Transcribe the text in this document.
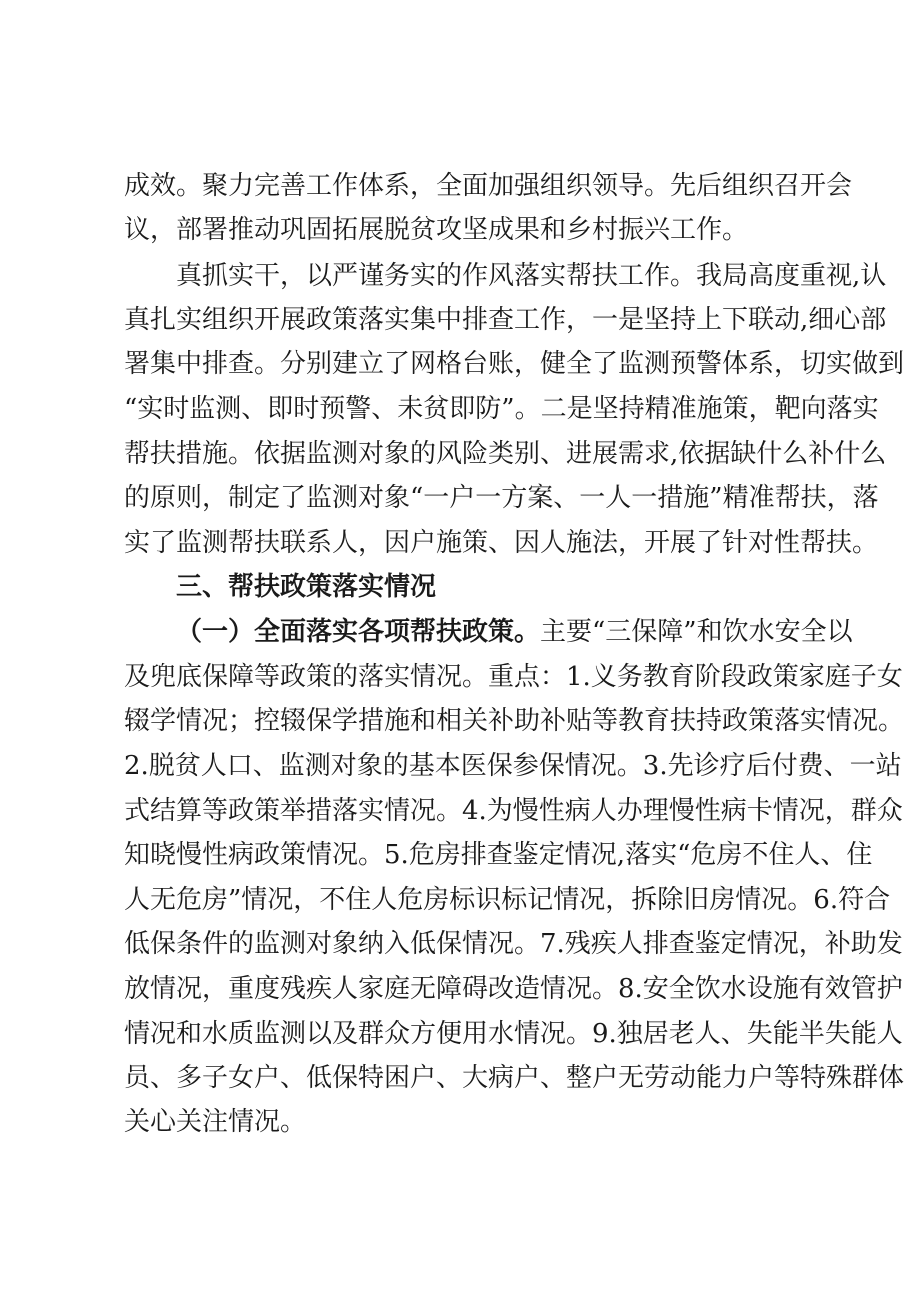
成效。聚力完善工作体系，全面加强组织领导。先后组织召开会
议，部署推动巩固拓展脱贫攻坚成果和乡村振兴工作。
真抓实干，以严谨务实的作风落实帮扶工作。我局高度重视,认
真扎实组织开展政策落实集中排查工作，一是坚持上下联动,细心部
署集中排查。分别建立了网格台账，健全了监测预警体系，切实做到
“实时监测、即时预警、未贫即防”。二是坚持精准施策，靶向落实
帮扶措施。依据监测对象的风险类别、进展需求,依据缺什么补什么
的原则，制定了监测对象“一户一方案、一人一措施”精准帮扶，落
实了监测帮扶联系人，因户施策、因人施法，开展了针对性帮扶。
三、帮扶政策落实情况
（一）全面落实各项帮扶政策。主要“三保障”和饮水安全以
及兜底保障等政策的落实情况。重点：1.义务教育阶段政策家庭子女
辍学情况；控辍保学措施和相关补助补贴等教育扶持政策落实情况。
2.脱贫人口、监测对象的基本医保参保情况。3.先诊疗后付费、一站
式结算等政策举措落实情况。4.为慢性病人办理慢性病卡情况，群众
知晓慢性病政策情况。5.危房排查鉴定情况,落实“危房不住人、住
人无危房”情况，不住人危房标识标记情况，拆除旧房情况。6.符合
低保条件的监测对象纳入低保情况。7.残疾人排查鉴定情况，补助发
放情况，重度残疾人家庭无障碍改造情况。8.安全饮水设施有效管护
情况和水质监测以及群众方便用水情况。9.独居老人、失能半失能人
员、多子女户、低保特困户、大病户、整户无劳动能力户等特殊群体
关心关注情况。
